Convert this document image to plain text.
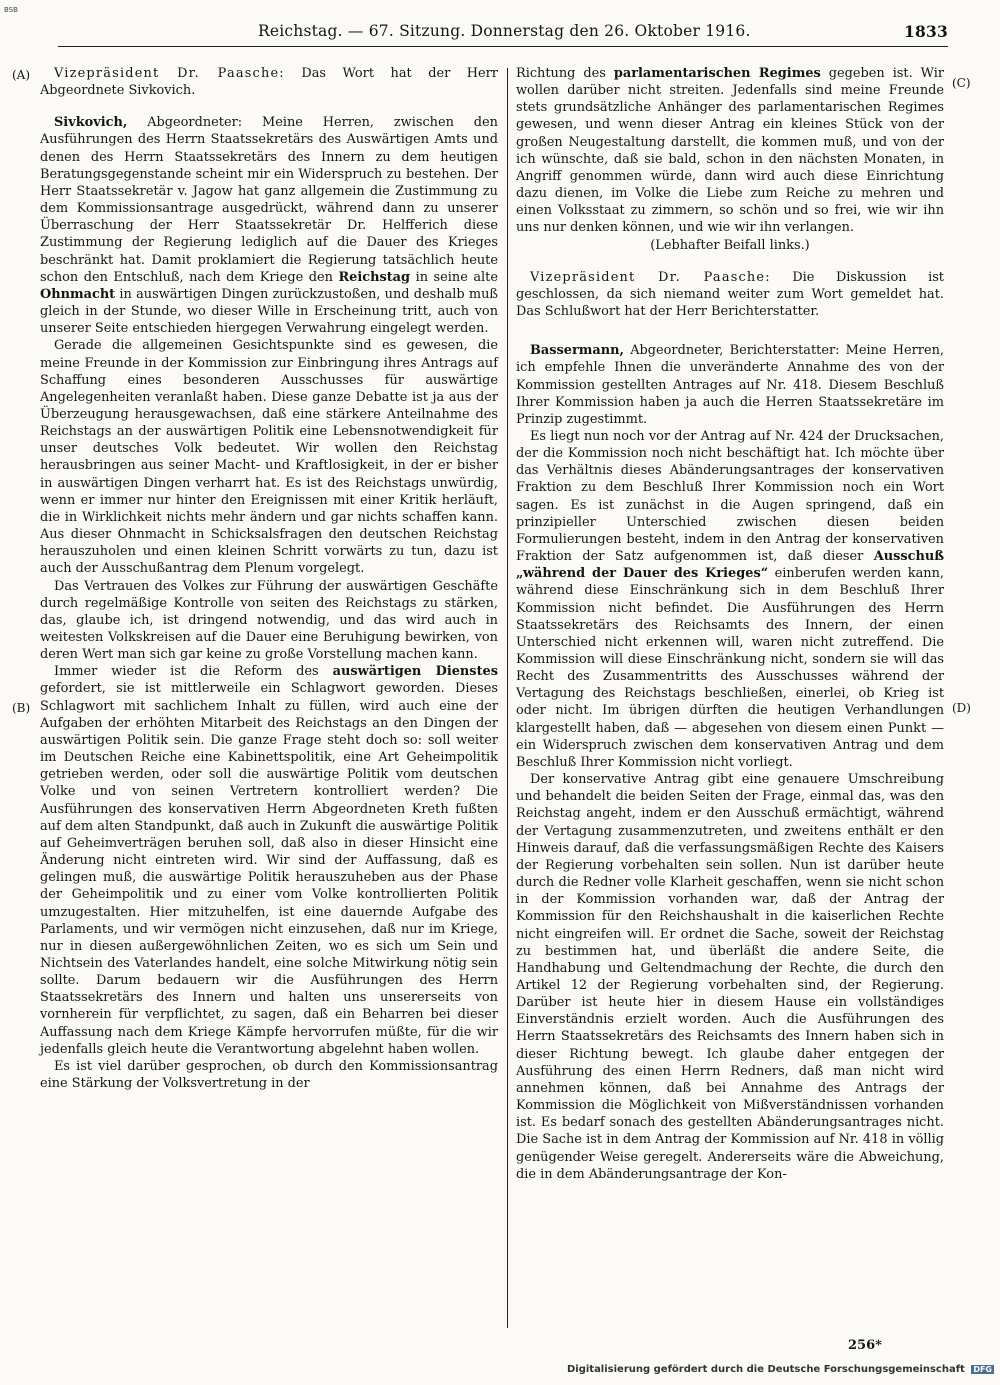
BSB
Reichstag. — 67. Sitzung. Donnerstag den 26. Oktober 1916.	1833
(A)
(B)
(C)
(D)

Vizepräsident Dr. Paasche: Das Wort hat der Herr Abgeordnete Sivkovich.

Sivkovich, Abgeordneter: Meine Herren, zwischen den Ausführungen des Herrn Staatssekretärs des Auswärtigen Amts und denen des Herrn Staatssekretärs des Innern zu dem heutigen Beratungsgegenstande scheint mir ein Widerspruch zu bestehen. Der Herr Staatssekretär v. Jagow hat ganz allgemein die Zustimmung zu dem Kommissionsantrage ausgedrückt, während dann zu unserer Überraschung der Herr Staatssekretär Dr. Helfferich diese Zustimmung der Regierung lediglich auf die Dauer des Krieges beschränkt hat. Damit proklamiert die Regierung tatsächlich heute schon den Entschluß, nach dem Kriege den Reichstag in seine alte Ohnmacht in auswärtigen Dingen zurückzustoßen, und deshalb muß gleich in der Stunde, wo dieser Wille in Erscheinung tritt, auch von unserer Seite entschieden hiergegen Verwahrung eingelegt werden.

Gerade die allgemeinen Gesichtspunkte sind es gewesen, die meine Freunde in der Kommission zur Einbringung ihres Antrags auf Schaffung eines besonderen Ausschusses für auswärtige Angelegenheiten veranlaßt haben. Diese ganze Debatte ist ja aus der Überzeugung herausgewachsen, daß eine stärkere Anteilnahme des Reichstags an der auswärtigen Politik eine Lebensnotwendigkeit für unser deutsches Volk bedeutet. Wir wollen den Reichstag herausbringen aus seiner Macht- und Kraftlosigkeit, in der er bisher in auswärtigen Dingen verharrt hat. Es ist des Reichstags unwürdig, wenn er immer nur hinter den Ereignissen mit einer Kritik herläuft, die in Wirklichkeit nichts mehr ändern und gar nichts schaffen kann. Aus dieser Ohnmacht in Schicksalsfragen den deutschen Reichstag herauszuholen und einen kleinen Schritt vorwärts zu tun, dazu ist auch der Ausschußantrag dem Plenum vorgelegt.

Das Vertrauen des Volkes zur Führung der auswärtigen Geschäfte durch regelmäßige Kontrolle von seiten des Reichstags zu stärken, das, glaube ich, ist dringend notwendig, und das wird auch in weitesten Volkskreisen auf die Dauer eine Beruhigung bewirken, von deren Wert man sich gar keine zu große Vorstellung machen kann.

Immer wieder ist die Reform des auswärtigen Dienstes gefordert, sie ist mittlerweile ein Schlagwort geworden. Dieses Schlagwort mit sachlichem Inhalt zu füllen, wird auch eine der Aufgaben der erhöhten Mitarbeit des Reichstags an den Dingen der auswärtigen Politik sein. Die ganze Frage steht doch so: soll weiter im Deutschen Reiche eine Kabinettspolitik, eine Art Geheimpolitik getrieben werden, oder soll die auswärtige Politik vom deutschen Volke und von seinen Vertretern kontrolliert werden? Die Ausführungen des konservativen Herrn Abgeordneten Kreth fußten auf dem alten Standpunkt, daß auch in Zukunft die auswärtige Politik auf Geheimverträgen beruhen soll, daß also in dieser Hinsicht eine Änderung nicht eintreten wird. Wir sind der Auffassung, daß es gelingen muß, die auswärtige Politik herauszuheben aus der Phase der Geheimpolitik und zu einer vom Volke kontrollierten Politik umzugestalten. Hier mitzuhelfen, ist eine dauernde Aufgabe des Parlaments, und wir vermögen nicht einzusehen, daß nur im Kriege, nur in diesen außergewöhnlichen Zeiten, wo es sich um Sein und Nichtsein des Vaterlandes handelt, eine solche Mitwirkung nötig sein sollte. Darum bedauern wir die Ausführungen des Herrn Staatssekretärs des Innern und halten uns unsererseits von vornherein für verpflichtet, zu sagen, daß ein Beharren bei dieser Auffassung nach dem Kriege Kämpfe hervorrufen müßte, für die wir jedenfalls gleich heute die Verantwortung abgelehnt haben wollen.

Es ist viel darüber gesprochen, ob durch den Kommissionsantrag eine Stärkung der Volksvertretung in der

Richtung des parlamentarischen Regimes gegeben ist. Wir wollen darüber nicht streiten. Jedenfalls sind meine Freunde stets grundsätzliche Anhänger des parlamentarischen Regimes gewesen, und wenn dieser Antrag ein kleines Stück von der großen Neugestaltung darstellt, die kommen muß, und von der ich wünschte, daß sie bald, schon in den nächsten Monaten, in Angriff genommen würde, dann wird auch diese Einrichtung dazu dienen, im Volke die Liebe zum Reiche zu mehren und einen Volksstaat zu zimmern, so schön und so frei, wie wir ihn uns nur denken können, und wie wir ihn verlangen.

(Lebhafter Beifall links.)

Vizepräsident Dr. Paasche: Die Diskussion ist geschlossen, da sich niemand weiter zum Wort gemeldet hat. Das Schlußwort hat der Herr Berichterstatter.

Bassermann, Abgeordneter, Berichterstatter: Meine Herren, ich empfehle Ihnen die unveränderte Annahme des von der Kommission gestellten Antrages auf Nr. 418. Diesem Beschluß Ihrer Kommission haben ja auch die Herren Staatssekretäre im Prinzip zugestimmt.

Es liegt nun noch vor der Antrag auf Nr. 424 der Drucksachen, der die Kommission noch nicht beschäftigt hat. Ich möchte über das Verhältnis dieses Abänderungsantrages der konservativen Fraktion zu dem Beschluß Ihrer Kommission noch ein Wort sagen. Es ist zunächst in die Augen springend, daß ein prinzipieller Unterschied zwischen diesen beiden Formulierungen besteht, indem in den Antrag der konservativen Fraktion der Satz aufgenommen ist, daß dieser Ausschuß „während der Dauer des Krieges“ einberufen werden kann, während diese Einschränkung sich in dem Beschluß Ihrer Kommission nicht befindet. Die Ausführungen des Herrn Staatssekretärs des Reichsamts des Innern, der einen Unterschied nicht erkennen will, waren nicht zutreffend. Die Kommission will diese Einschränkung nicht, sondern sie will das Recht des Zusammentritts des Ausschusses während der Vertagung des Reichstags beschließen, einerlei, ob Krieg ist oder nicht. Im übrigen dürften die heutigen Verhandlungen klargestellt haben, daß — abgesehen von diesem einen Punkt — ein Widerspruch zwischen dem konservativen Antrag und dem Beschluß Ihrer Kommission nicht vorliegt.

Der konservative Antrag gibt eine genauere Umschreibung und behandelt die beiden Seiten der Frage, einmal das, was den Reichstag angeht, indem er den Ausschuß ermächtigt, während der Vertagung zusammenzutreten, und zweitens enthält er den Hinweis darauf, daß die verfassungsmäßigen Rechte des Kaisers der Regierung vorbehalten sein sollen. Nun ist darüber heute durch die Redner volle Klarheit geschaffen, wenn sie nicht schon in der Kommission vorhanden war, daß der Antrag der Kommission für den Reichshaushalt in die kaiserlichen Rechte nicht eingreifen will. Er ordnet die Sache, soweit der Reichstag zu bestimmen hat, und überläßt die andere Seite, die Handhabung und Geltendmachung der Rechte, die durch den Artikel 12 der Regierung vorbehalten sind, der Regierung. Darüber ist heute hier in diesem Hause ein vollständiges Einverständnis erzielt worden. Auch die Ausführungen des Herrn Staatssekretärs des Reichsamts des Innern haben sich in dieser Richtung bewegt. Ich glaube daher entgegen der Ausführung des einen Herrn Redners, daß man nicht wird annehmen können, daß bei Annahme des Antrags der Kommission die Möglichkeit von Mißverständnissen vorhanden ist. Es bedarf sonach des gestellten Abänderungsantrages nicht. Die Sache ist in dem Antrag der Kommission auf Nr. 418 in völlig genügender Weise geregelt. Andererseits wäre die Abweichung, die in dem Abänderungsantrage der Kon-

256*
Digitalisierung gefördert durch die Deutsche Forschungsgemeinschaft DFG
